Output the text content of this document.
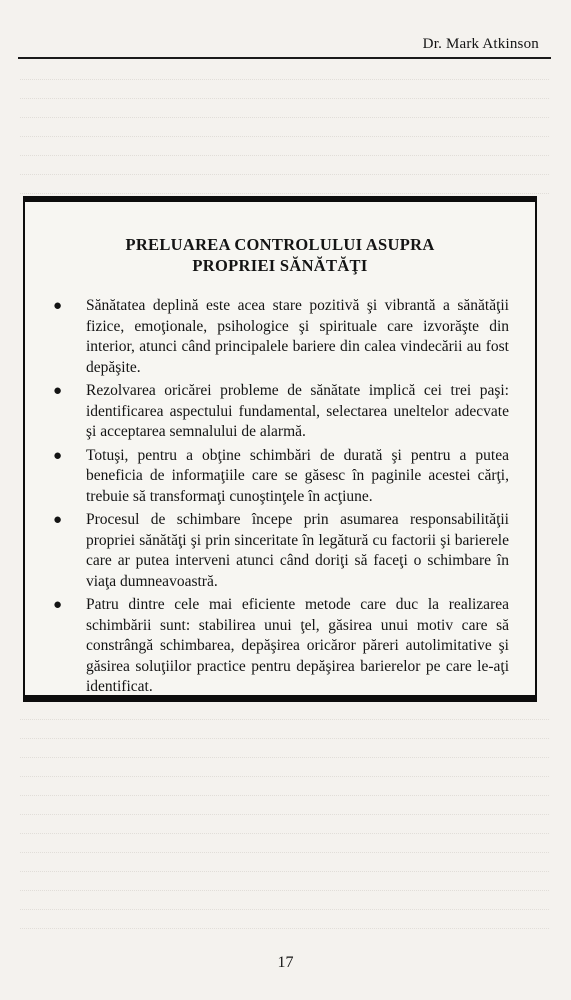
Dr. Mark Atkinson
PRELUAREA CONTROLULUI ASUPRA
PROPRIEI SĂNĂTĂŢI
● Sănătatea deplină este acea stare pozitivă şi vibrantă a sănătăţii fizice, emoţionale, psihologice şi spirituale care izvorăşte din interior, atunci când principalele bariere din calea vindecării au fost depăşite.
● Rezolvarea oricărei probleme de sănătate implică cei trei paşi: identificarea aspectului fundamental, selectarea uneltelor adecvate şi acceptarea semnalului de alarmă.
● Totuşi, pentru a obţine schimbări de durată şi pentru a putea beneficia de informaţiile care se găsesc în paginile acestei cărţi, trebuie să transformaţi cunoştinţele în acţiune.
● Procesul de schimbare începe prin asumarea responsabilităţii propriei sănătăţi şi prin sinceritate în legătură cu factorii şi barierele care ar putea interveni atunci când doriţi să faceţi o schimbare în viaţa dumneavoastră.
● Patru dintre cele mai eficiente metode care duc la realizarea schimbării sunt: stabilirea unui ţel, găsirea unui motiv care să constrângă schimbarea, depăşirea oricăror păreri autolimitative şi găsirea soluţiilor practice pentru depăşirea barierelor pe care le-aţi identificat.
17
